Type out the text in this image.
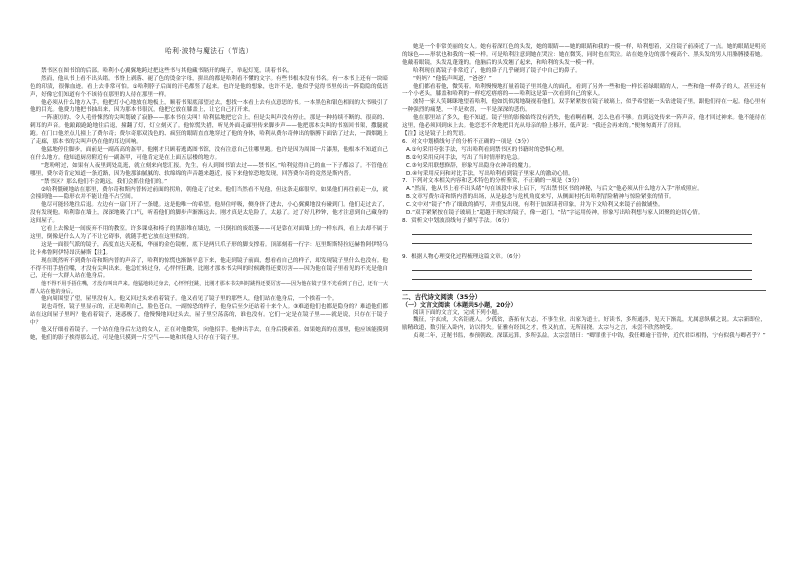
哈利·波特与魔法石（节选）

禁书区在图书馆的后部。哈利小心翼翼地跨过把这些书与其他藏书隔开的绳子，举起灯笼，读着书名。

然而，他从书上看不出头绪。书脊上剥落、褪了色的烫金字母，拼出的都是哈利看不懂的文字。有些书根本没有书名。有一本书上还有一块暗色的印渍，很像血迹。看上去非常可怕。①哈利脖子后面的汗毛都竖了起来。也许是他的想象，也许不是，他似乎觉得书里传出一阵隐隐的低语声，好像它们知道有个不该待在那里的人待在那里一样。

他必须从什么地方入手。他把灯小心地放在地板上，顺着书架底部望过去，想找一本看上去有点意思的书。一本黑色和银色相间的大书吸引了他的目光。他费力地把书抽出来，因为那本书很沉，他把它放在膝盖上，让它自己打开来。

一阵凄厉的、令人毛骨悚然的尖叫划破了寂静——那本书在尖叫！哈利猛地把它合上，但是尖叫声没有停止，那是一种持续不断的、很高的、刺耳的声音。他踉踉跄跄地往后退，撞翻了灯，灯立刻灭了。他惊慌失措，听见外面走廊里传来脚步声——他把那本尖叫的书塞回书架，撒腿就跑。在门口他差点儿撞上了费尔奇；费尔奇那双浅色的、疯狂的眼睛直直地穿过了他的身体，哈利从费尔奇伸出的胳膊下面钻了过去，一溜烟跑上了走廊，那本书的尖叫声仍在他的耳边回响。

他猛地停住脚步，面前是一副高高的盔甲。他刚才只顾着逃离图书馆，没有注意自己往哪里跑。也许是因为周围一片漆黑，他根本不知道自己在什么地方。他知道厨房附近有一副盔甲，可他肯定是在上面五层楼的地方。

“您吩咐过，如果有人夜里到处乱逛，就立刻来向您汇报。先生，有人到图书馆去过——禁书区。”哈利觉得自己的血一下子都凉了。不管他在哪里，费尔奇肯定知道一条近路，因为他那油腻腻的、软绵绵的声音越来越近，接下来他惊恐地发现，回答费尔奇的竟然是斯内普。

“禁书区？那么他们不会跑远，我们会抓住他们的。”

②哈利僵硬地站在那里，费尔奇和斯内普转过前面的拐角，朝他走了过来。他们当然看不见他，但这条走廊很窄，如果他们再往前走一点，就会撞到他——隐形衣并不能让他不占空间。

他尽可能轻地往后退。左边有一扇门开了一条缝。这是他唯一的希望。他屏住呼吸，侧身挤了进去，小心翼翼地没有碰到门。他们走过去了，没有发现他。哈利靠在墙上，深深地吸了口气，听着他们的脚步声渐渐远去。刚才真是太危险了，太悬了。过了好几秒钟，他才注意到自己藏身的这间屋子。

它看上去像是一间废弃不用的教室。许多课桌和椅子的黑影堆在墙边，一只倒扣的废纸篓——可是靠在对面墙上的一样东西，看上去却不属于这里，倒像是什么人为了不让它碍事，就随手把它放在这里似的。

这是一面很气派的镜子，高度直达天花板，华丽的金色镜框，底下是两只爪子形的脚支撑着。顶部刻着一行字：厄里斯斯特拉厄赫鲁阿伊特乌比卡弗鲁阿伊特昂沃赫斯【注】。

现在既然听不到费尔奇和斯内普的声音了，哈利的惊慌也渐渐平息下来，他走到镜子前面，想看看自己的样子，却发现镜子里什么也没有。他不得不用手捂住嘴，才没有尖叫出来。他急忙转过身，心怦怦狂跳，比刚才那本书尖叫的时候跳得还要厉害——因为他在镜子里看见的不光是他自己，还有一大群人站在他身后。

他不得不用手捂住嘴，才没有叫出声来。他猛地转过身去，心怦怦狂跳，比刚才那本书尖叫时跳得还要厉害——因为他在镜子里不光看到了自己，还有一大群人站在他的身后。

他向周围望了望，屋里没有人。他又回过头来看着镜子。他又看见了镜子里的那些人，他们站在他身后，一个挨着一个。

说也奇怪，镜子里显示的，正是哈利自己，脸色苍白，一副惊恐的样子，他身后至少还站着十来个人。③难道他们也都是隐身的？难道他们都站在这间屋子里吗？他看着镜子，迷惑极了，他慢慢地回过头去，屋子里空荡荡的，谁也没有。它们一定是在镜子里——就是说，只存在于镜子中？

他又仔细看着镜子。一个站在他身后左边的女人，正在对他微笑，向他招手。他伸出手去，在身后摸索着。如果她真的在那里，他应该能摸到她，他们的影子挨得那么近，可是他只摸到一片空气——她和其他人只存在于镜子里。

她是一个非常美丽的女人。她有着深红色的头发，她的眼睛——她的眼睛和我的一模一样，哈利想着，又往镜子前凑近了一点。她的眼睛是明亮的绿色——形状也和我的一模一样。可是哈利注意到她在哭泣：她在微笑，同时也在哭泣。站在她身边的那个瘦高个、黑头发的男人用胳膊搂着她。他戴着眼镜，头发乱蓬蓬的。他脑后的头发翘了起来，和哈利的头发一模一样。

哈利现在离镜子非常近了，他的鼻子几乎碰到了镜子中自己的鼻子。

“妈妈？”他低声叫道，“爸爸？”

他们都看着他，微笑着。哈利慢慢地打量着镜子里其他人的面孔，看到了另外一些和他一样长着绿眼睛的人，一些和他一样鼻子的人，甚至还有一个小老头，膝盖和哈利的一样疙疙瘩瘩的——哈利这是第一次看到自己的家人。

波特一家人笑眯眯地望着哈利，他如饥似渴地凝视着他们，双手紧紧按在镜子玻璃上，似乎希望能一头钻进镜子里，跟他们待在一起。他心里有一种强烈的痛楚，一半是欢喜，一半是深深的悲伤。

他在那里站了多久，他不知道。镜子里的影像始终没有消失，他看啊看啊，怎么也看不够。直到远处传来一阵声音，他才回过神来。他不能待在这里，他必须回到床上去。他恋恋不舍地把目光从母亲的脸上移开，低声说：“我还会再来的。”便匆匆离开了房间。

【注】这是镜子上的咒语。

6．对文中划横线句子的分析不正确的一项是（3分）

A.①句采用夸张手法，写出哈利看到禁书区的书籍时的恐惧心理。

B.②句采用反问手法，写出了当时情形的危急。

C.③句采用联想修辞，形象写出隐身衣神奇的魔力。

D.④句采用反问和对比手法，写出哈利看到镜子里家人的激动心情。

7．下列对文本相关内容和艺术特色的分析鉴赏，不正确的一项是（3分）

A.“然而，他从书上看不出头绪”句在该段中承上启下，写出禁书区书的神秘，与后文“他必须从什么地方入手”形成照应。

B.文章写费尔奇和斯内普的出场，从是悬念与危机角度来写，从侧面衬托出哈利冒险精神与惊险紧张的情节。

C.文中对“镜子”作了细致的描写，并重复出现，有利于加深读者印象，并为下文哈利又来镜子前做铺垫。

D.“双手紧紧按在镜子玻璃上”超越于现实的镜子，像一道门，“钻”字运用传神，形象写出哈利想与家人团聚的迫切心情。

8．赏析文中划波浪线句子描写手法。（6分）

9．根据人物心理变化过程梳理这篇文章。（6分）

二、古代诗文阅读（35分）

（一）文言文阅读（本题共5小题，20分）

阅读下面的文言文，完成下列小题。

魏征，字玄成，大名钜鹿人。少孤贫，落拓有大志，不事生业。出家为道士。好读书，多所通涉，见天下渐乱，尤属意纵横之说。太宗新即位，励精政道，数引征入卧内，访以得失。征雅有经国之才，性又抗直，无所屈挠。太宗与之言，未尝不欣然纳受。

贞观二年，迁秘书监，参预朝政。深谋远算，多所弘益。太宗尝谓曰：“卿罪重于中钩，我任卿逾于管仲，近代君臣相得，宁有似我与卿者乎？”
